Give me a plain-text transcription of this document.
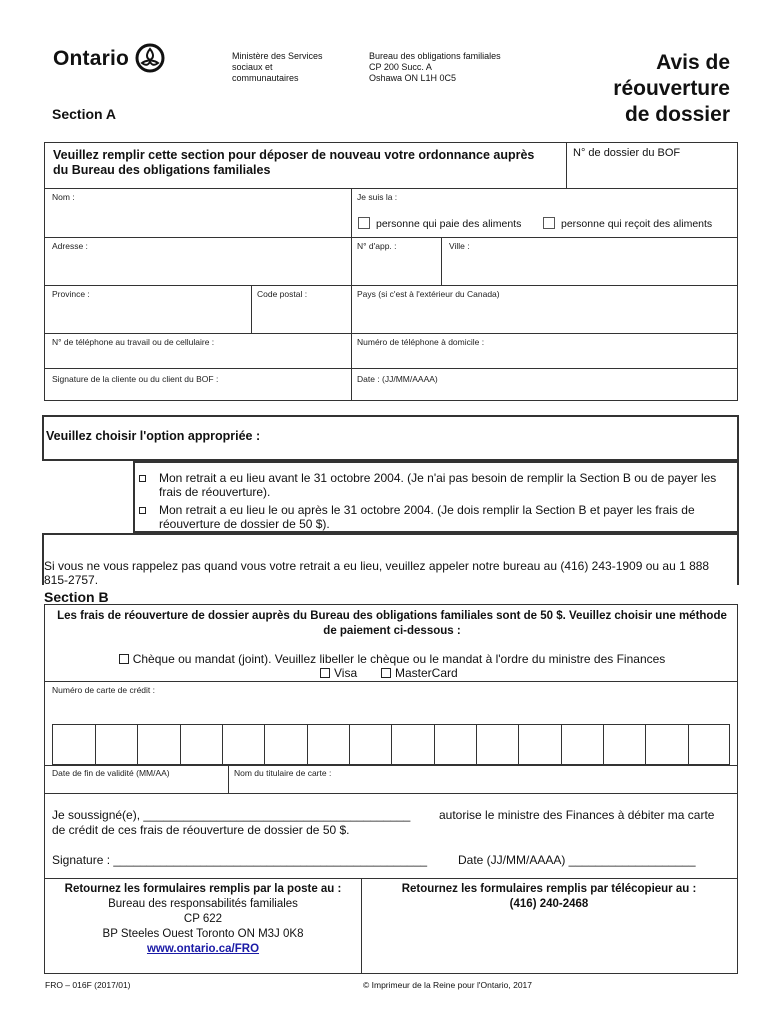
Ontario	Ministère des Services
sociaux et
communautaires
Bureau des obligations familiales
CP 200 Succ. A
Oshawa ON L1H 0C5
Avis de
réouverture
de dossier
Section A
Veuillez remplir cette section pour déposer de nouveau votre ordonnance auprès du Bureau des obligations familiales
N° de dossier du BOF
Nom :	Je suis la :
personne qui paie des aliments	personne qui reçoit des aliments
Adresse :	N° d'app. :	Ville :
Province :	Code postal :	Pays (si c'est à l'extérieur du Canada)
N° de téléphone au travail ou de cellulaire :	Numéro de téléphone à domicile :
Signature de la cliente ou du client du BOF :	Date : (JJ/MM/AAAA)
Veuillez choisir l'option appropriée :
Mon retrait a eu lieu avant le 31 octobre 2004. (Je n'ai pas besoin de remplir la Section B ou de payer les frais de réouverture).
Mon retrait a eu lieu le ou après le 31 octobre 2004. (Je dois remplir la Section B et payer les frais de réouverture de dossier de 50 $).
Si vous ne vous rappelez pas quand vous votre retrait a eu lieu, veuillez appeler notre bureau au (416) 243-1909 ou au 1 888 815-2757.
Section B
Les frais de réouverture de dossier auprès du Bureau des obligations familiales sont de 50 $. Veuillez choisir une méthode de paiement ci-dessous :
Chèque ou mandat (joint). Veuillez libeller le chèque ou le mandat à l'ordre du ministre des Finances
Visa	MasterCard
Numéro de carte de crédit :
Date de fin de validité (MM/AA)	Nom du titulaire de carte :
Je soussigné(e), ________________________________________ autorise le ministre des Finances à débiter ma carte
de crédit de ces frais de réouverture de dossier de 50 $.
Signature : _______________________________________________	Date (JJ/MM/AAAA) ___________________
Retournez les formulaires remplis par la poste au :
Bureau des responsabilités familiales
CP 622
BP Steeles Ouest Toronto ON M3J 0K8
www.ontario.ca/FRO
Retournez les formulaires remplis par télécopieur au :
(416) 240-2468
FRO – 016F (2017/01)	© Imprimeur de la Reine pour l'Ontario, 2017
